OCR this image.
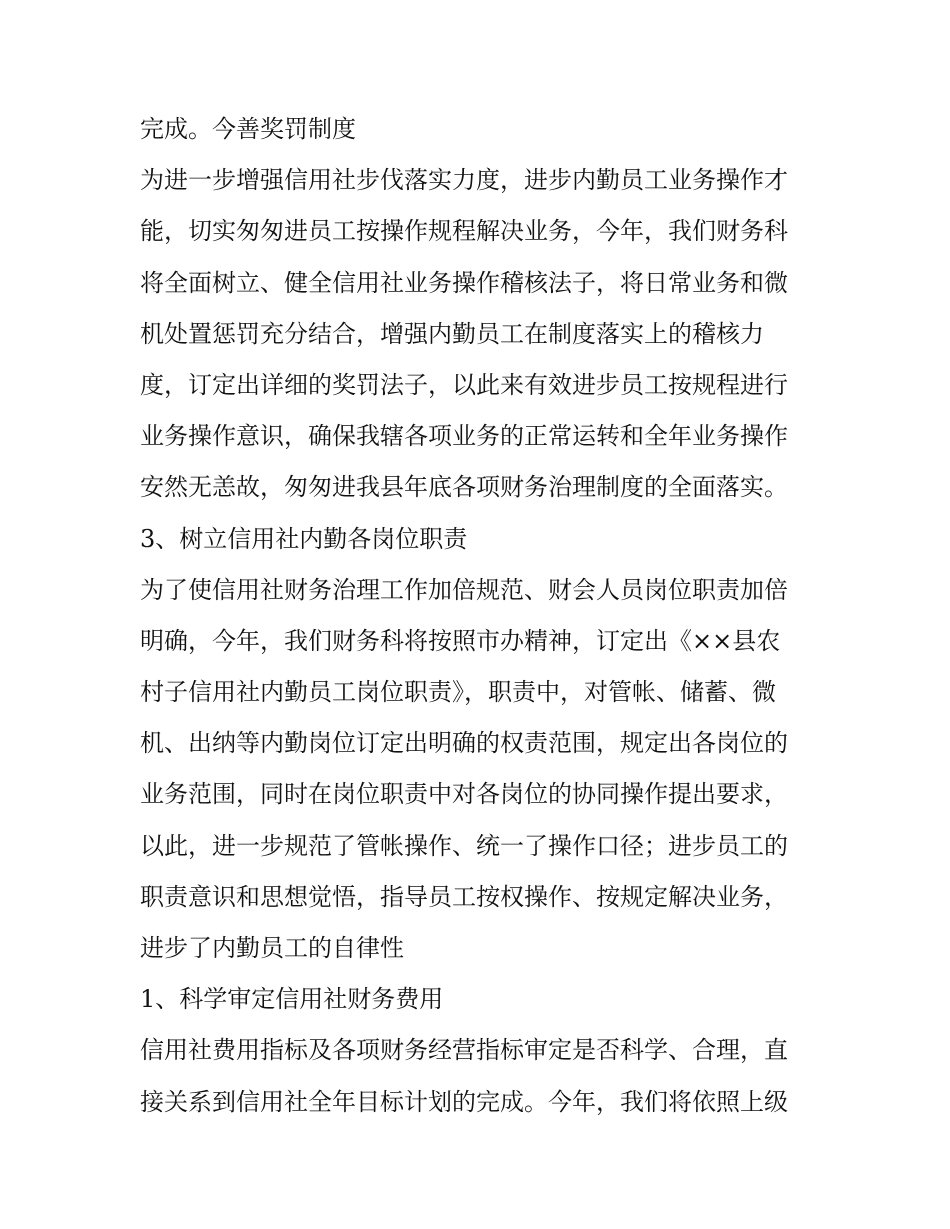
完成。今善奖罚制度
为进一步增强信用社步伐落实力度，进步内勤员工业务操作才
能，切实匆匆进员工按操作规程解决业务，今年，我们财务科
将全面树立、健全信用社业务操作稽核法子，将日常业务和微
机处置惩罚充分结合，增强内勤员工在制度落实上的稽核力
度，订定出详细的奖罚法子，以此来有效进步员工按规程进行
业务操作意识，确保我辖各项业务的正常运转和全年业务操作
安然无恙故，匆匆进我县年底各项财务治理制度的全面落实。
3、树立信用社内勤各岗位职责
为了使信用社财务治理工作加倍规范、财会人员岗位职责加倍
明确，今年，我们财务科将按照市办精神，订定出《××县农
村子信用社内勤员工岗位职责》，职责中，对管帐、储蓄、微
机、出纳等内勤岗位订定出明确的权责范围，规定出各岗位的
业务范围，同时在岗位职责中对各岗位的协同操作提出要求，
以此，进一步规范了管帐操作、统一了操作口径；进步员工的
职责意识和思想觉悟，指导员工按权操作、按规定解决业务，
进步了内勤员工的自律性
1、科学审定信用社财务费用
信用社费用指标及各项财务经营指标审定是否科学、合理，直
接关系到信用社全年目标计划的完成。今年，我们将依照上级
